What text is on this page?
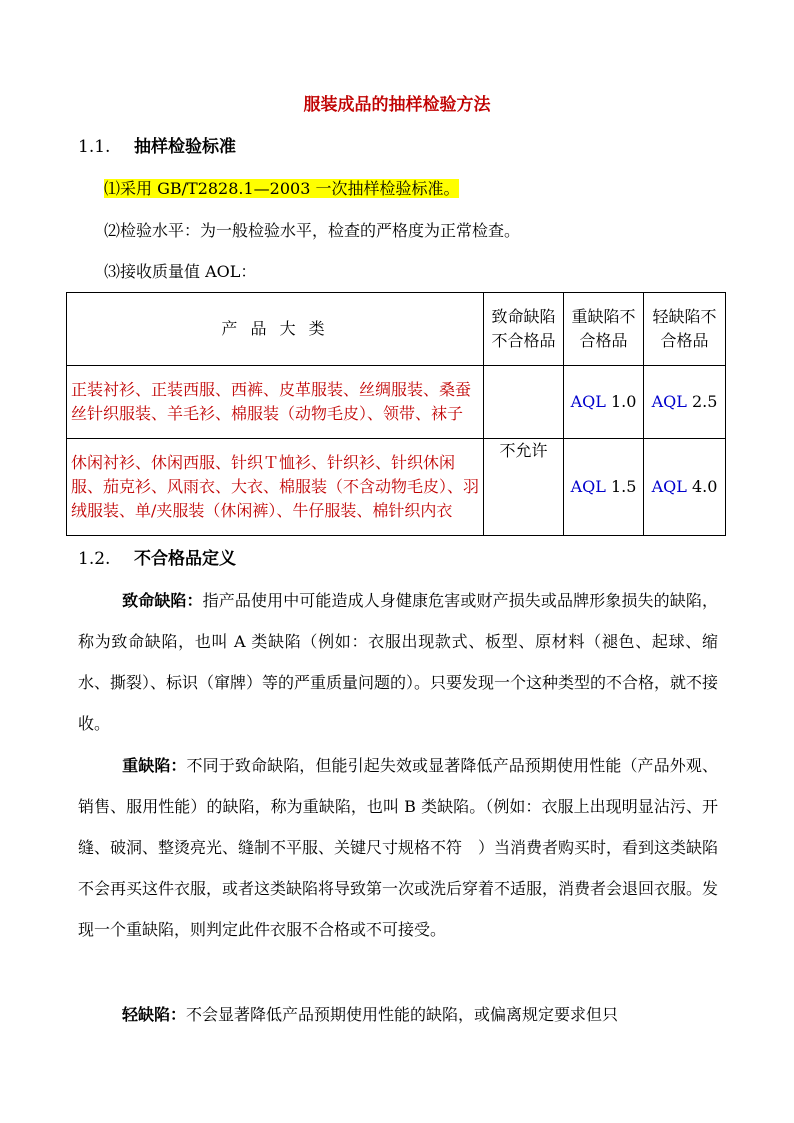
服装成品的抽样检验方法
1.1. 抽样检验标准
⑴采用 GB/T2828.1—2003 一次抽样检验标准。
⑵检验水平：为一般检验水平，检查的严格度为正常检查。
⑶接收质量值 AOL：
产 品 大 类	致命缺陷不合格品	重缺陷不合格品	轻缺陷不合格品
正装衬衫、正装西服、西裤、皮革服装、丝绸服装、桑蚕丝针织服装、羊毛衫、棉服装（动物毛皮）、领带、袜子		AQL 1.0	AQL 2.5
休闲衬衫、休闲西服、针织Ｔ恤衫、针织衫、针织休闲服、茄克衫、风雨衣、大衣、棉服装（不含动物毛皮）、羽绒服装、单/夹服装（休闲裤）、牛仔服装、棉针织内衣	不允许	AQL 1.5	AQL 4.0
1.2. 不合格品定义
致命缺陷：指产品使用中可能造成人身健康危害或财产损失或品牌形象损失的缺陷，称为致命缺陷，也叫 A 类缺陷（例如：衣服出现款式、板型、原材料（褪色、起球、缩水、撕裂）、标识（窜牌）等的严重质量问题的）。只要发现一个这种类型的不合格，就不接收。
重缺陷：不同于致命缺陷，但能引起失效或显著降低产品预期使用性能（产品外观、销售、服用性能）的缺陷，称为重缺陷，也叫 B 类缺陷。（例如：衣服上出现明显沾污、开缝、破洞、整烫亮光、缝制不平服、关键尺寸规格不符　）当消费者购买时，看到这类缺陷不会再买这件衣服，或者这类缺陷将导致第一次或洗后穿着不适服，消费者会退回衣服。发现一个重缺陷，则判定此件衣服不合格或不可接受。
轻缺陷：不会显著降低产品预期使用性能的缺陷，或偏离规定要求但只
